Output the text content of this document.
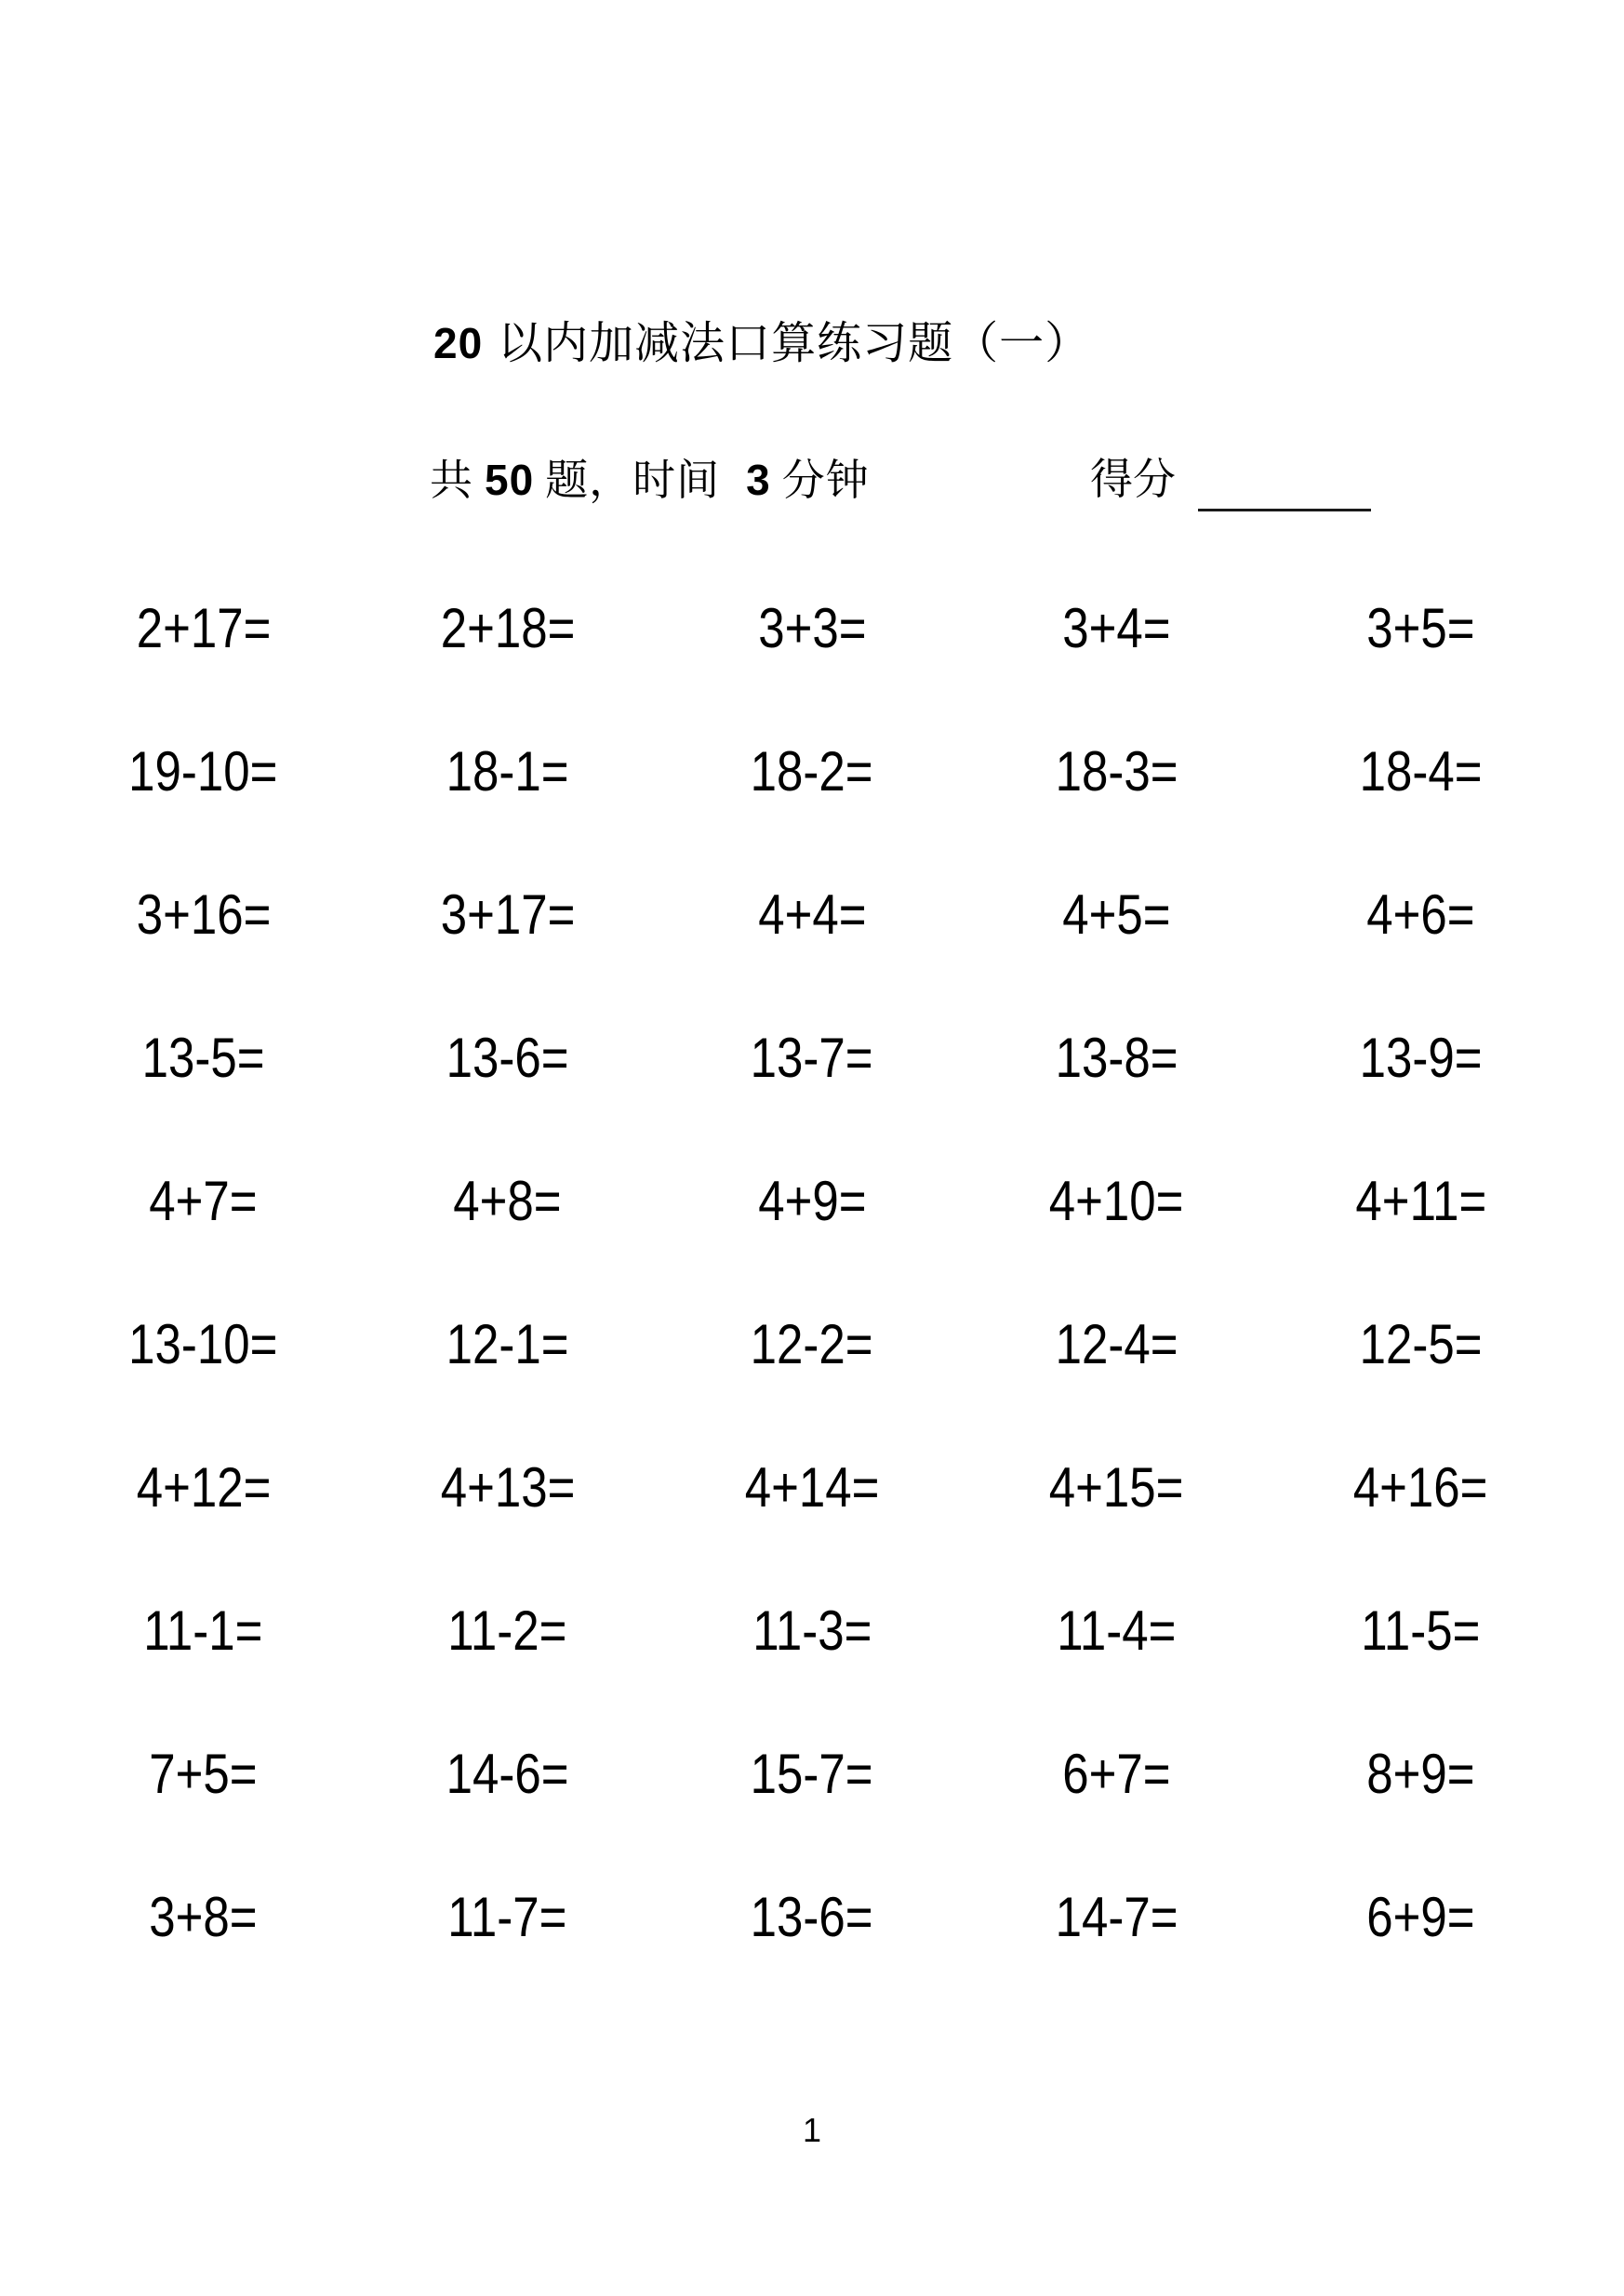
20 以内加减法口算练习题（一）
共 50 题，时间 3 分钟	得分
2+17=	2+18=	3+3=	3+4=	3+5=
19-10=	18-1=	18-2=	18-3=	18-4=
3+16=	3+17=	4+4=	4+5=	4+6=
13-5=	13-6=	13-7=	13-8=	13-9=
4+7=	4+8=	4+9=	4+10=	4+11=
13-10=	12-1=	12-2=	12-4=	12-5=
4+12=	4+13=	4+14=	4+15=	4+16=
11-1=	11-2=	11-3=	11-4=	11-5=
7+5=	14-6=	15-7=	6+7=	8+9=
3+8=	11-7=	13-6=	14-7=	6+9=
1
